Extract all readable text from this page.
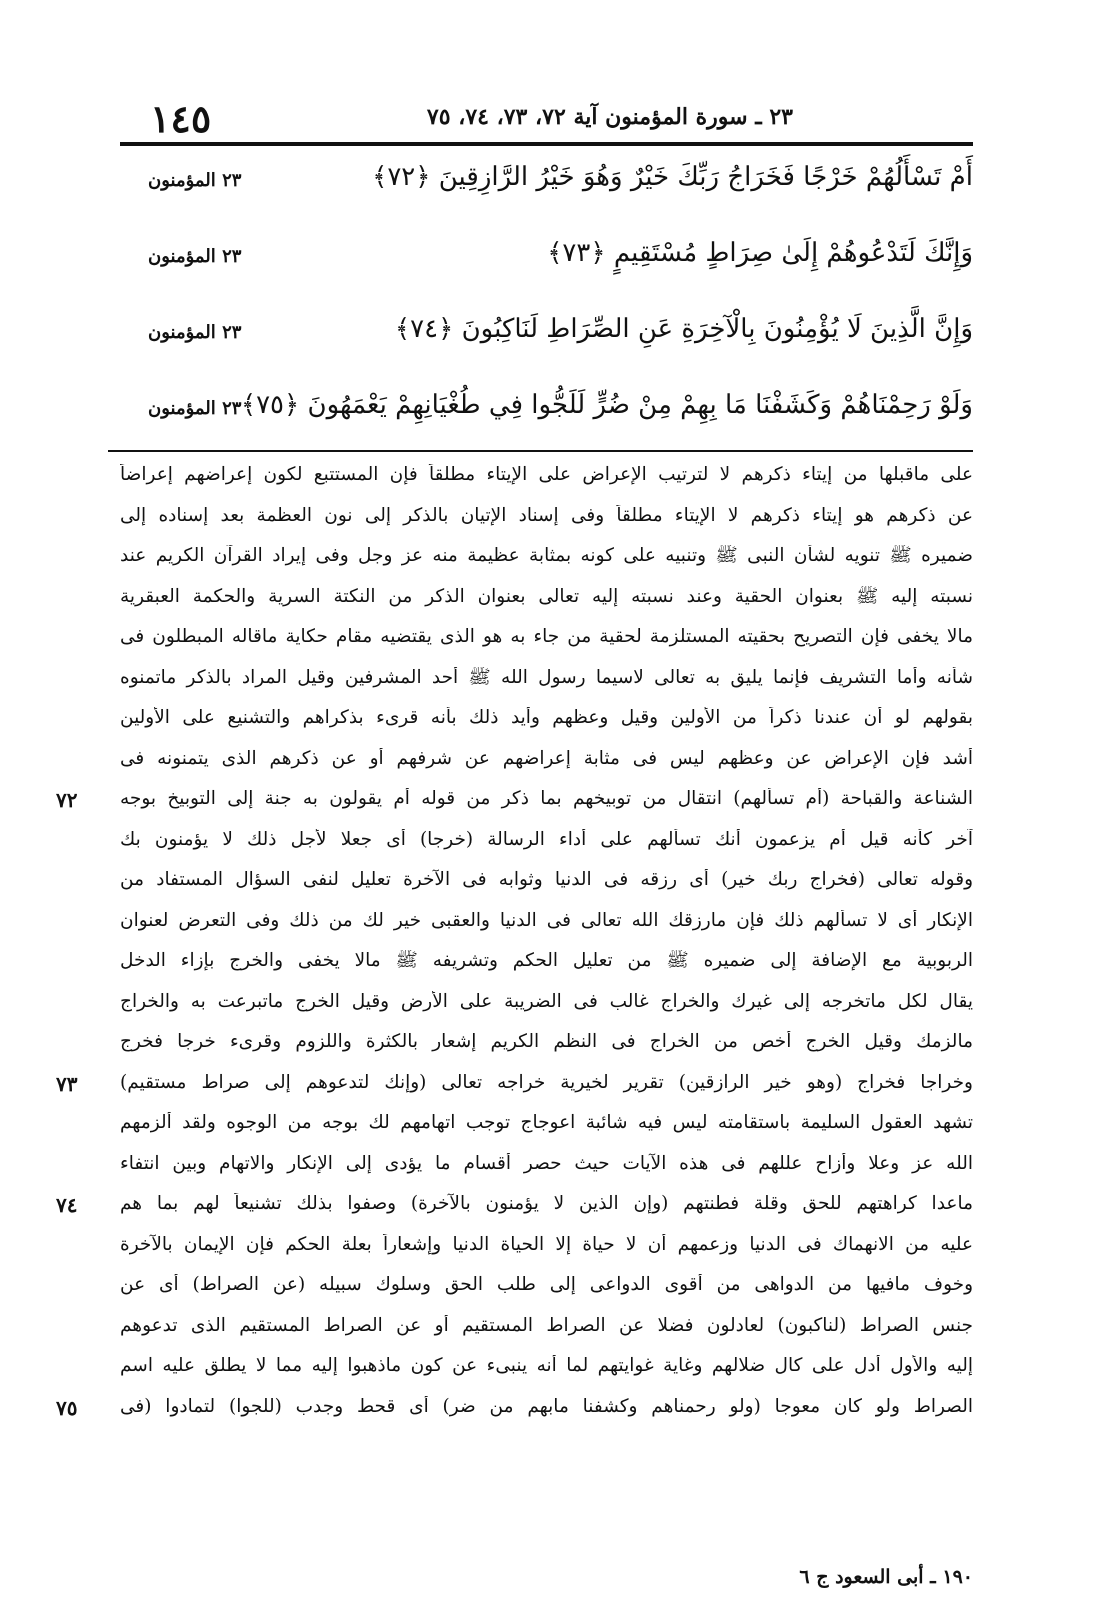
٢٣ ـ سورة المؤمنون آية ٧٢، ٧٣، ٧٤، ٧٥
١٤٥
أَمْ تَسْأَلُهُمْ خَرْجًا فَخَرَاجُ رَبِّكَ خَيْرٌ وَهُوَ خَيْرُ الرَّازِقِينَ ﴿٧٢﴾
٢٣ المؤمنون
وَإِنَّكَ لَتَدْعُوهُمْ إِلَىٰ صِرَاطٍ مُسْتَقِيمٍ ﴿٧٣﴾
٢٣ المؤمنون
وَإِنَّ الَّذِينَ لَا يُؤْمِنُونَ بِالْآخِرَةِ عَنِ الصِّرَاطِ لَنَاكِبُونَ ﴿٧٤﴾
٢٣ المؤمنون
وَلَوْ رَحِمْنَاهُمْ وَكَشَفْنَا مَا بِهِمْ مِنْ ضُرٍّ لَلَجُّوا فِي طُغْيَانِهِمْ يَعْمَهُونَ ﴿٧٥﴾
٢٣ المؤمنون
على ماقبلها من إيتاء ذكرهم لا لترتيب الإعراض على الإيتاء مطلقاً فإن المستتبع لكون إعراضهم إعراضاً
عن ذكرهم هو إيتاء ذكرهم لا الإيتاء مطلقاً وفى إسناد الإتيان بالذكر إلى نون العظمة بعد إسناده إلى
ضميره ﷺ تنويه لشأن النبى ﷺ وتنبيه على كونه بمثابة عظيمة منه عز وجل وفى إيراد القرآن الكريم عند
نسبته إليه ﷺ بعنوان الحقية وعند نسبته إليه تعالى بعنوان الذكر من النكتة السرية والحكمة العبقرية
مالا يخفى فإن التصريح بحقيته المستلزمة لحقية من جاء به هو الذى يقتضيه مقام حكاية ماقاله المبطلون فى
شأنه وأما التشريف فإنما يليق به تعالى لاسيما رسول الله ﷺ أحد المشرفين وقيل المراد بالذكر ماتمنوه
بقولهم لو أن عندنا ذكراً من الأولين وقيل وعظهم وأيد ذلك بأنه قرىء بذكراهم والتشنيع على الأولين
أشد فإن الإعراض عن وعظهم ليس فى مثابة إعراضهم عن شرفهم أو عن ذكرهم الذى يتمنونه فى
الشناعة والقباحة (أم تسألهم) انتقال من توبيخهم بما ذكر من قوله أم يقولون به جنة إلى التوبيخ بوجه
٧٢
آخر كأنه قيل أم يزعمون أنك تسألهم على أداء الرسالة (خرجا) أى جعلا لأجل ذلك لا يؤمنون بك
وقوله تعالى (فخراج ربك خير) أى رزقه فى الدنيا وثوابه فى الآخرة تعليل لنفى السؤال المستفاد من
الإنكار أى لا تسألهم ذلك فإن مارزقك الله تعالى فى الدنيا والعقبى خير لك من ذلك وفى التعرض لعنوان
الربوبية مع الإضافة إلى ضميره ﷺ من تعليل الحكم وتشريفه ﷺ مالا يخفى والخرج بإزاء الدخل
يقال لكل ماتخرجه إلى غيرك والخراج غالب فى الضريبة على الأرض وقيل الخرج ماتبرعت به والخراج
مالزمك وقيل الخرج أخص من الخراج فى النظم الكريم إشعار بالكثرة واللزوم وقرىء خرجا فخرج
وخراجا فخراج (وهو خير الرازقين) تقرير لخيرية خراجه تعالى (وإنك لتدعوهم إلى صراط مستقيم)
٧٣
تشهد العقول السليمة باستقامته ليس فيه شائبة اعوجاج توجب اتهامهم لك بوجه من الوجوه ولقد ألزمهم
الله عز وعلا وأزاح عللهم فى هذه الآيات حيث حصر أقسام ما يؤدى إلى الإنكار والاتهام وبين انتفاء
ماعدا كراهتهم للحق وقلة فطنتهم (وإن الذين لا يؤمنون بالآخرة) وصفوا بذلك تشنيعاً لهم بما هم
٧٤
عليه من الانهماك فى الدنيا وزعمهم أن لا حياة إلا الحياة الدنيا وإشعاراً بعلة الحكم فإن الإيمان بالآخرة
وخوف مافيها من الدواهى من أقوى الدواعى إلى طلب الحق وسلوك سبيله (عن الصراط) أى عن
جنس الصراط (لناكبون) لعادلون فضلا عن الصراط المستقيم أو عن الصراط المستقيم الذى تدعوهم
إليه والأول أدل على كال ضلالهم وغاية غوايتهم لما أنه ينبىء عن كون ماذهبوا إليه مما لا يطلق عليه اسم
الصراط ولو كان معوجا (ولو رحمناهم وكشفنا مابهم من ضر) أى قحط وجدب (للجوا) لتمادوا (فى
٧٥
١٩٠ ـ أبى السعود ج ٦
